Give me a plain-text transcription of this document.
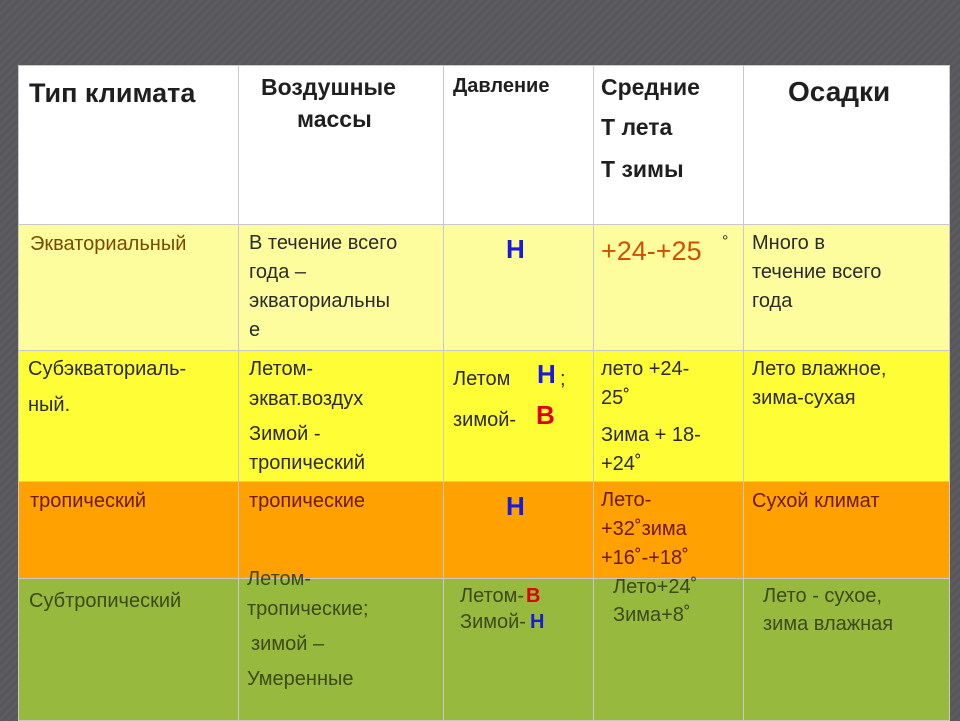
Тип климата	Воздушные
массы	Давление	Средние
Т лета
Т зимы	Осадки

Экваториальный	В течение всего
года –
экваториальны
е	Н	+24-+25 °	Много в
течение всего
года

Субэкваториаль-
ный.	Летом-
экват.воздух
Зимой -
тропический	Летом Н ;
зимой- В	лето +24-
25˚
Зима + 18-
+24˚	Лето влажное,
зима-сухая

тропический	тропические	Н	Лето-
+32˚зима
+16˚-+18˚	Сухой климат

Субтропический	Летом-
тропические;
зимой –
Умеренные	Летом- В
Зимой- Н	Лето+24˚
Зима+8˚	Лето - сухое,
зима влажная
